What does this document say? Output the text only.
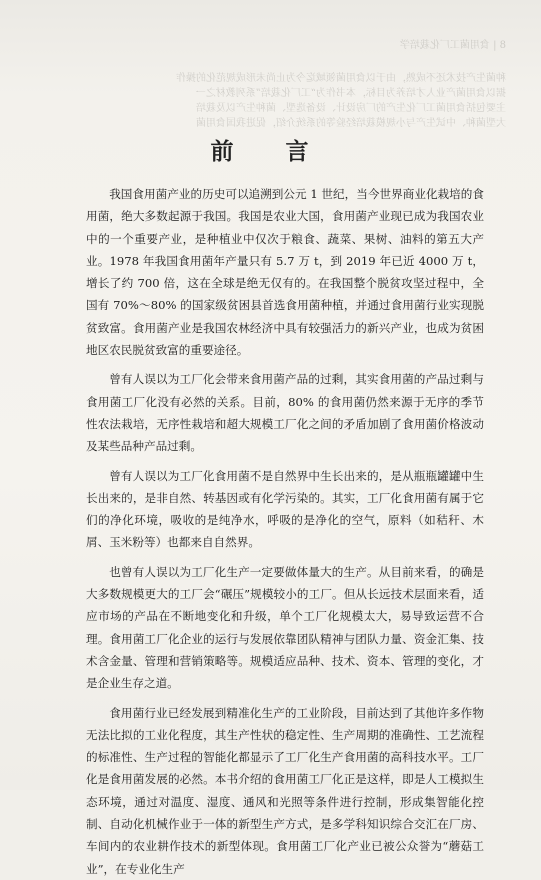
8 | 食用菌工厂化栽培学

种菌生产技术还不成熟，由于以食用菌领域迄今为止尚未形成规范化的操作

据以食用菌产业人才培养为目标，本书作为“工厂化栽培”系列教材之一

主要包括食用菌工厂化生产的厂房设计、设备选型、菌种生产以及栽培

大型菌种、中试生产与小规模栽培经验等的系统介绍，促进我国食用菌

前 言

我国食用菌产业的历史可以追溯到公元 1 世纪，当今世界商业化栽培的食用菌，绝大多数起源于我国。我国是农业大国，食用菌产业现已成为我国农业中的一个重要产业，是种植业中仅次于粮食、蔬菜、果树、油料的第五大产业。1978 年我国食用菌年产量只有 5.7 万 t，到 2019 年已近 4000 万 t，增长了约 700 倍，这在全球是绝无仅有的。在我国整个脱贫攻坚过程中，全国有 70%～80% 的国家级贫困县首选食用菌种植，并通过食用菌行业实现脱贫致富。食用菌产业是我国农林经济中具有较强活力的新兴产业，也成为贫困地区农民脱贫致富的重要途径。

曾有人误以为工厂化会带来食用菌产品的过剩，其实食用菌的产品过剩与食用菌工厂化没有必然的关系。目前，80% 的食用菌仍然来源于无序的季节性农法栽培，无序性栽培和超大规模工厂化之间的矛盾加剧了食用菌价格波动及某些品种产品过剩。

曾有人误以为工厂化食用菌不是自然界中生长出来的，是从瓶瓶罐罐中生长出来的，是非自然、转基因或有化学污染的。其实，工厂化食用菌有属于它们的净化环境，吸收的是纯净水，呼吸的是净化的空气，原料（如秸秆、木屑、玉米粉等）也都来自自然界。

也曾有人误以为工厂化生产一定要做体量大的生产。从目前来看，的确是大多数规模更大的工厂会“碾压”规模较小的工厂。但从长远技术层面来看，适应市场的产品在不断地变化和升级，单个工厂化规模太大，易导致运营不合理。食用菌工厂化企业的运行与发展依靠团队精神与团队力量、资金汇集、技术含金量、管理和营销策略等。规模适应品种、技术、资本、管理的变化，才是企业生存之道。

食用菌行业已经发展到精准化生产的工业阶段，目前达到了其他许多作物无法比拟的工业化程度，其生产性状的稳定性、生产周期的准确性、工艺流程的标准性、生产过程的智能化都显示了工厂化生产食用菌的高科技水平。工厂化是食用菌发展的必然。本书介绍的食用菌工厂化正是这样，即是人工模拟生态环境，通过对温度、湿度、通风和光照等条件进行控制，形成集智能化控制、自动化机械作业于一体的新型生产方式，是多学科知识综合交汇在厂房、车间内的农业耕作技术的新型体现。食用菌工厂化产业已被公众誉为“蘑菇工业”，在专业化生产
